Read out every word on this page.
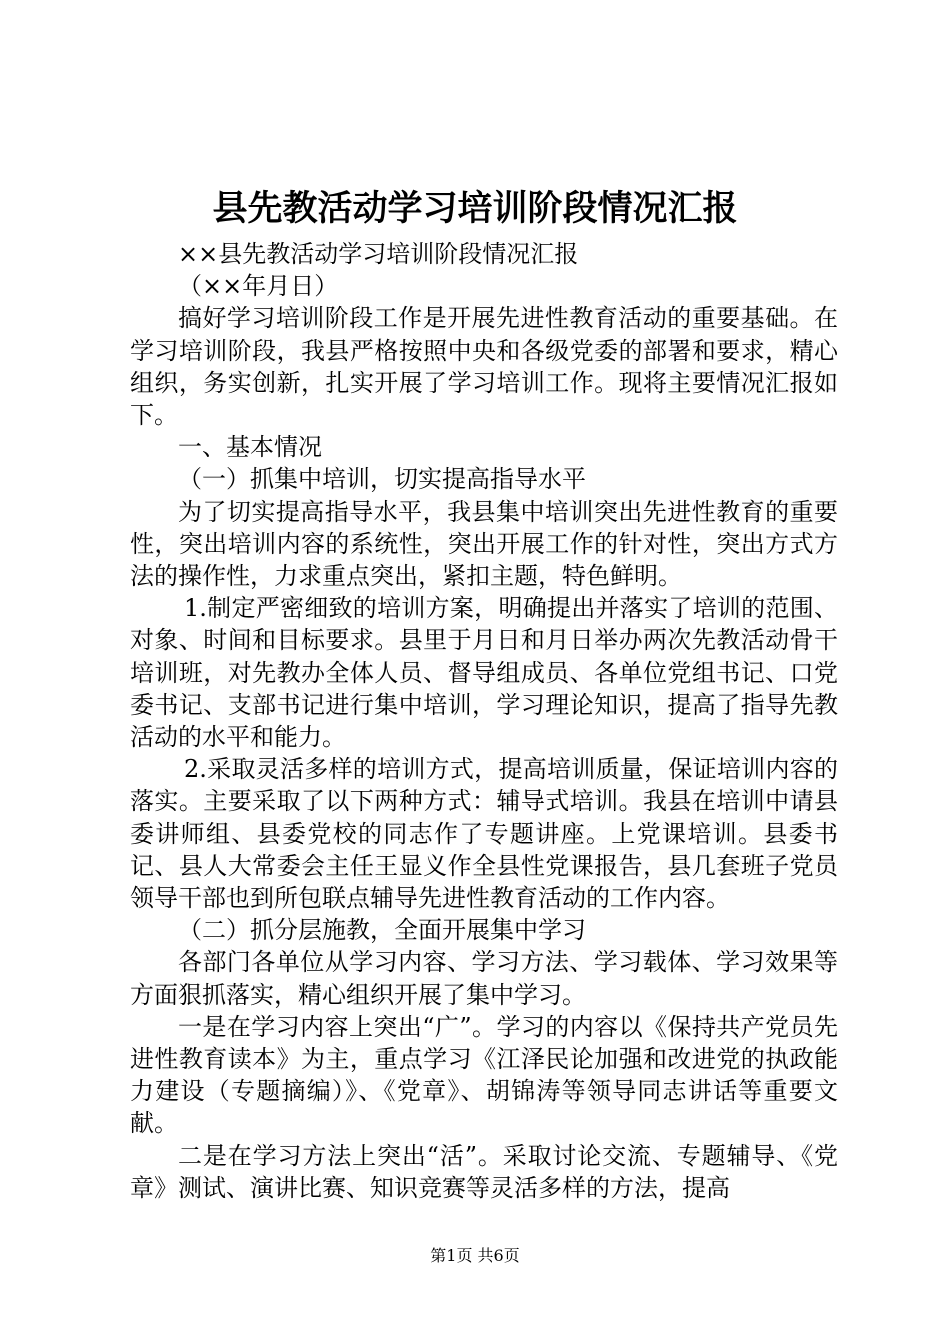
县先教活动学习培训阶段情况汇报

××县先教活动学习培训阶段情况汇报

（××年月日）

搞好学习培训阶段工作是开展先进性教育活动的重要基础。在学习培训阶段，我县严格按照中央和各级党委的部署和要求，精心组织，务实创新，扎实开展了学习培训工作。现将主要情况汇报如下。

一、基本情况

（一）抓集中培训，切实提高指导水平

为了切实提高指导水平，我县集中培训突出先进性教育的重要性，突出培训内容的系统性，突出开展工作的针对性，突出方式方法的操作性，力求重点突出，紧扣主题，特色鲜明。

1.制定严密细致的培训方案，明确提出并落实了培训的范围、对象、时间和目标要求。县里于月日和月日举办两次先教活动骨干培训班，对先教办全体人员、督导组成员、各单位党组书记、口党委书记、支部书记进行集中培训，学习理论知识，提高了指导先教活动的水平和能力。

2.采取灵活多样的培训方式，提高培训质量，保证培训内容的落实。主要采取了以下两种方式：辅导式培训。我县在培训中请县委讲师组、县委党校的同志作了专题讲座。上党课培训。县委书记、县人大常委会主任王显义作全县性党课报告，县几套班子党员领导干部也到所包联点辅导先进性教育活动的工作内容。

（二）抓分层施教，全面开展集中学习

各部门各单位从学习内容、学习方法、学习载体、学习效果等方面狠抓落实，精心组织开展了集中学习。

一是在学习内容上突出“广”。学习的内容以《保持共产党员先进性教育读本》为主，重点学习《江泽民论加强和改进党的执政能力建设（专题摘编）》、《党章》、胡锦涛等领导同志讲话等重要文献。

二是在学习方法上突出“活”。采取讨论交流、专题辅导、《党章》测试、演讲比赛、知识竞赛等灵活多样的方法，提高

第1页 共6页
